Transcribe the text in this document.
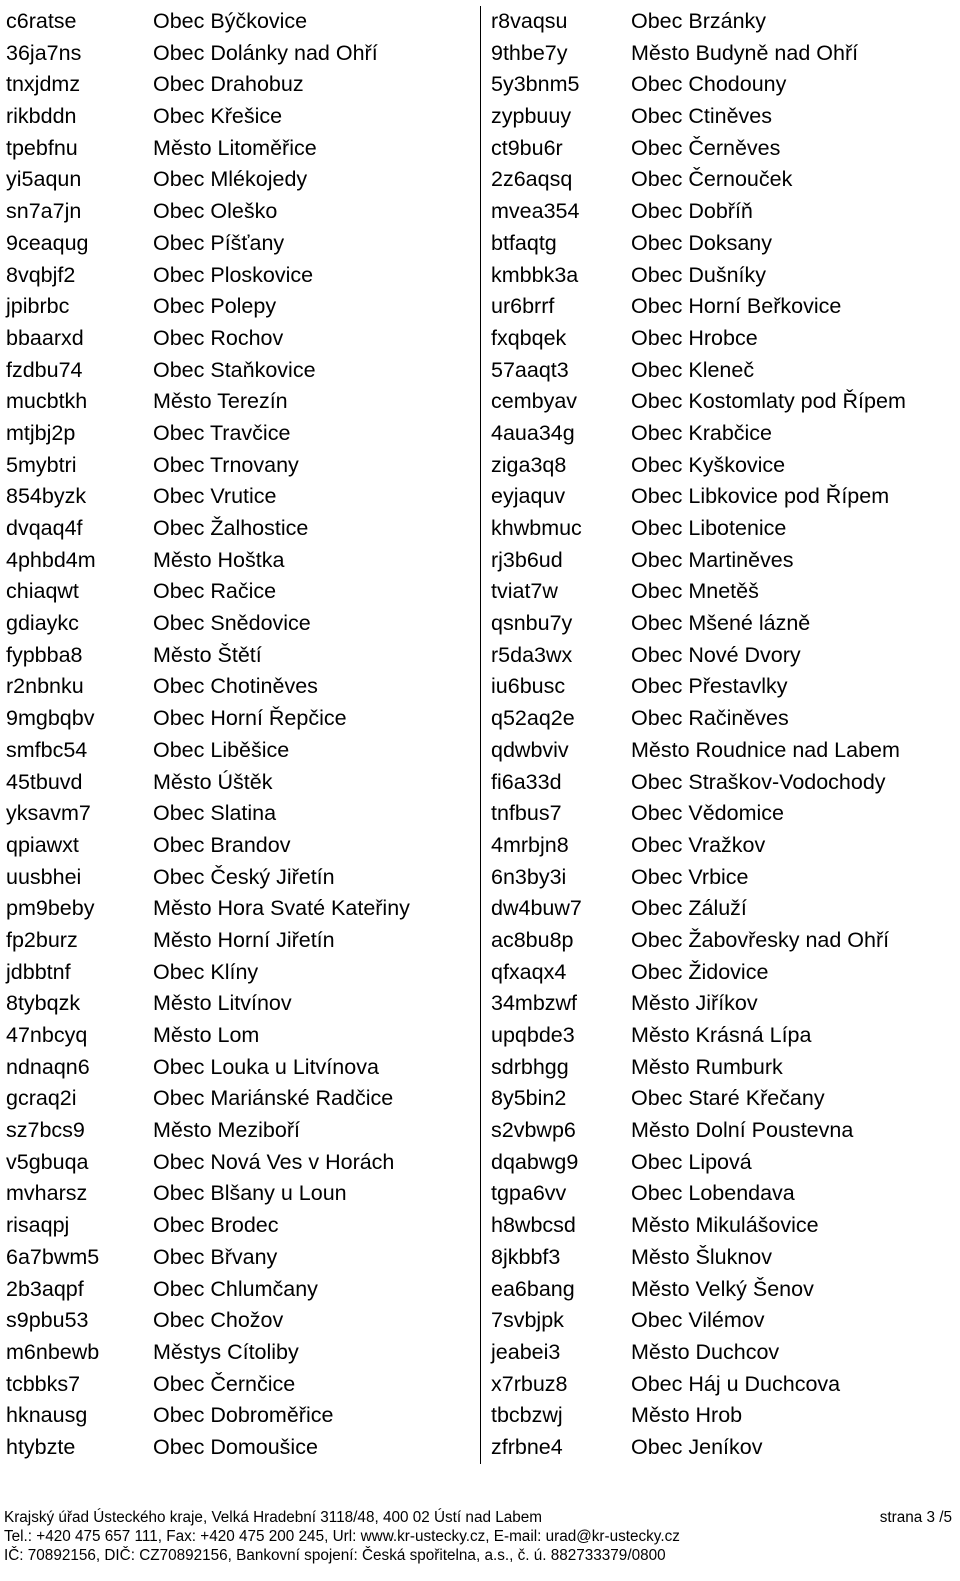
c6ratse	Obec Býčkovice
36ja7ns	Obec Dolánky nad Ohří
tnxjdmz	Obec Drahobuz
rikbddn	Obec Křešice
tpebfnu	Město Litoměřice
yi5aqun	Obec Mlékojedy
sn7a7jn	Obec Oleško
9ceaqug	Obec Píšťany
8vqbjf2	Obec Ploskovice
jpibrbc	Obec Polepy
bbaarxd	Obec Rochov
fzdbu74	Obec Staňkovice
mucbtkh	Město Terezín
mtjbj2p	Obec Travčice
5mybtri	Obec Trnovany
854byzk	Obec Vrutice
dvqaq4f	Obec Žalhostice
4phbd4m	Město Hoštka
chiaqwt	Obec Račice
gdiaykc	Obec Snědovice
fypbba8	Město Štětí
r2nbnku	Obec Chotiněves
9mgbqbv	Obec Horní Řepčice
smfbc54	Obec Liběšice
45tbuvd	Město Úštěk
yksavm7	Obec Slatina
qpiawxt	Obec Brandov
uusbhei	Obec Český Jiřetín
pm9beby	Město Hora Svaté Kateřiny
fp2burz	Město Horní Jiřetín
jdbbtnf	Obec Klíny
8tybqzk	Město Litvínov
47nbcyq	Město Lom
ndnaqn6	Obec Louka u Litvínova
gcraq2i	Obec Mariánské Radčice
sz7bcs9	Město Meziboří
v5gbuqa	Obec Nová Ves v Horách
mvharsz	Obec Blšany u Loun
risaqpj	Obec Brodec
6a7bwm5	Obec Břvany
2b3aqpf	Obec Chlumčany
s9pbu53	Obec Chožov
m6nbewb	Městys Cítoliby
tcbbks7	Obec Černčice
hknausg	Obec Dobroměřice
htybzte	Obec Domoušice
r8vaqsu	Obec Brzánky
9thbe7y	Město Budyně nad Ohří
5y3bnm5	Obec Chodouny
zypbuuy	Obec Ctiněves
ct9bu6r	Obec Černěves
2z6aqsq	Obec Černouček
mvea354	Obec Dobříň
btfaqtg	Obec Doksany
kmbbk3a	Obec Dušníky
ur6brrf	Obec Horní Beřkovice
fxqbqek	Obec Hrobce
57aaqt3	Obec Kleneč
cembyav	Obec Kostomlaty pod Řípem
4aua34g	Obec Krabčice
ziga3q8	Obec Kyškovice
eyjaquv	Obec Libkovice pod Řípem
khwbmuc	Obec Libotenice
rj3b6ud	Obec Martiněves
tviat7w	Obec Mnetěš
qsnbu7y	Obec Mšené lázně
r5da3wx	Obec Nové Dvory
iu6busc	Obec Přestavlky
q52aq2e	Obec Račiněves
qdwbviv	Město Roudnice nad Labem
fi6a33d	Obec Straškov-Vodochody
tnfbus7	Obec Vědomice
4mrbjn8	Obec Vražkov
6n3by3i	Obec Vrbice
dw4buw7	Obec Záluží
ac8bu8p	Obec Žabovřesky nad Ohří
qfxaqx4	Obec Židovice
34mbzwf	Město Jiříkov
upqbde3	Město Krásná Lípa
sdrbhgg	Město Rumburk
8y5bin2	Obec Staré Křečany
s2vbwp6	Město Dolní Poustevna
dqabwg9	Obec Lipová
tgpa6vv	Obec Lobendava
h8wbcsd	Město Mikulášovice
8jkbbf3	Město Šluknov
ea6bang	Město Velký Šenov
7svbjpk	Obec Vilémov
jeabei3	Město Duchcov
x7rbuz8	Obec Háj u Duchcova
tbcbzwj	Město Hrob
zfrbne4	Obec Jeníkov
Krajský úřad Ústeckého kraje, Velká Hradební 3118/48, 400 02 Ústí nad Labem	strana 3 /5
Tel.: +420 475 657 111, Fax: +420 475 200 245, Url: www.kr-ustecky.cz, E-mail: urad@kr-ustecky.cz
IČ: 70892156, DIČ: CZ70892156, Bankovní spojení: Česká spořitelna, a.s., č. ú. 882733379/0800
